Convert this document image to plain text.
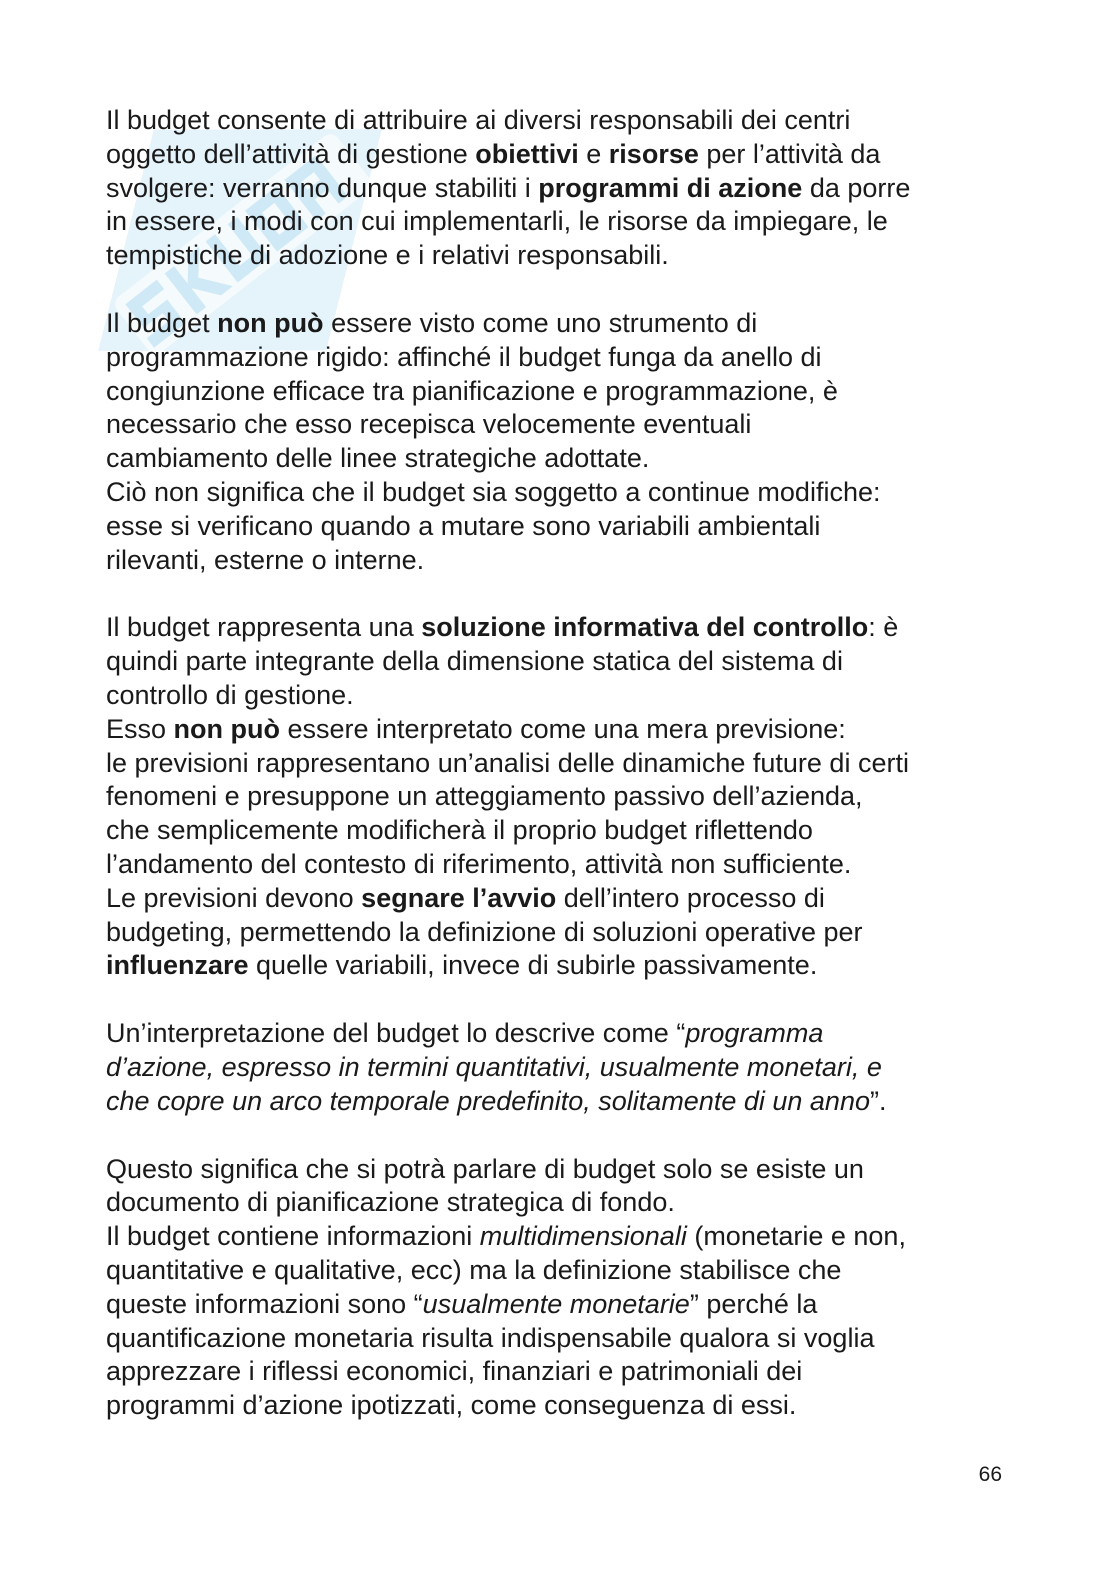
Il budget consente di attribuire ai diversi responsabili dei centri
oggetto dell’attività di gestione obiettivi e risorse per l’attività da
svolgere: verranno dunque stabiliti i programmi di azione da porre
in essere, i modi con cui implementarli, le risorse da impiegare, le
tempistiche di adozione e i relativi responsabili.
Il budget non può essere visto come uno strumento di
programmazione rigido: affinché il budget funga da anello di
congiunzione efficace tra pianificazione e programmazione, è
necessario che esso recepisca velocemente eventuali
cambiamento delle linee strategiche adottate.
Ciò non significa che il budget sia soggetto a continue modifiche:
esse si verificano quando a mutare sono variabili ambientali
rilevanti, esterne o interne.
Il budget rappresenta una soluzione informativa del controllo: è
quindi parte integrante della dimensione statica del sistema di
controllo di gestione.
Esso non può essere interpretato come una mera previsione:
le previsioni rappresentano un’analisi delle dinamiche future di certi
fenomeni e presuppone un atteggiamento passivo dell’azienda,
che semplicemente modificherà il proprio budget riflettendo
l’andamento del contesto di riferimento, attività non sufficiente.
Le previsioni devono segnare l’avvio dell’intero processo di
budgeting, permettendo la definizione di soluzioni operative per
influenzare quelle variabili, invece di subirle passivamente.
Un’interpretazione del budget lo descrive come “programma
d’azione, espresso in termini quantitativi, usualmente monetari, e
che copre un arco temporale predefinito, solitamente di un anno”.
Questo significa che si potrà parlare di budget solo se esiste un
documento di pianificazione strategica di fondo.
Il budget contiene informazioni multidimensionali (monetarie e non,
quantitative e qualitative, ecc) ma la definizione stabilisce che
queste informazioni sono “usualmente monetarie” perché la
quantificazione monetaria risulta indispensabile qualora si voglia
apprezzare i riflessi economici, finanziari e patrimoniali dei
programmi d’azione ipotizzati, come conseguenza di essi.
66
